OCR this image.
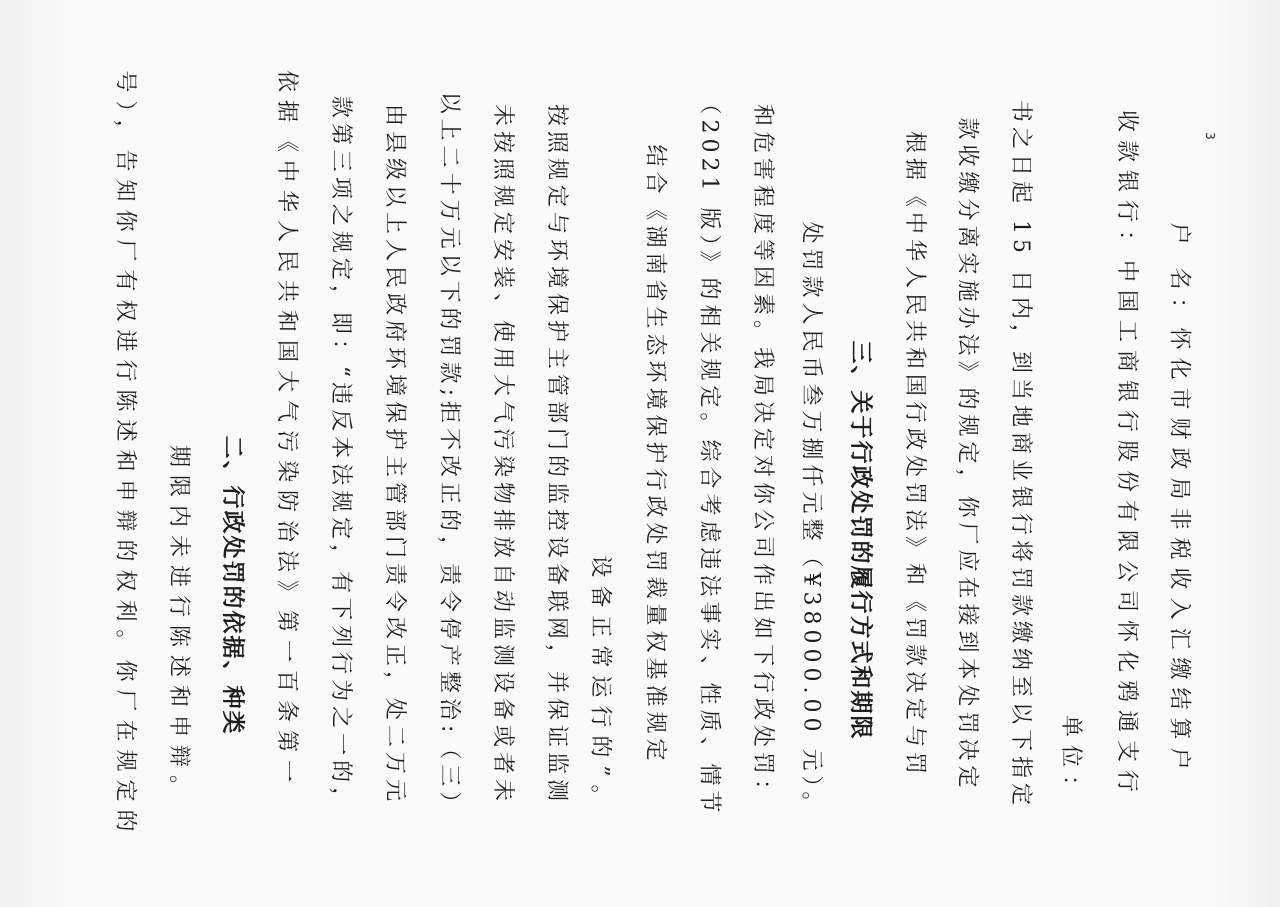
号），告知你厂有权进行陈述和申辩的权利。你厂在规定的 期限内未进行陈述和申辩。 二、行政处罚的依据、种类 依据《中华人民共和国大气污染防治法》第一百条第一 款第三项之规定，即：“违反本法规定，有下列行为之一的， 由县级以上人民政府环境保护主管部门责令改正，处二万元 以上二十万元以下的罚款;拒不改正的，责令停产整治:（三） 未按照规定安装、使用大气污染物排放自动监测设备或者未 按照规定与环境保护主管部门的监控设备联网，并保证监测 设备正常运行的”。 结合《湖南省生态环境保护行政处罚裁量权基准规定 （2021 版）》的相关规定。综合考虑违法事实、性质、情节 和危害程度等因素。我局决定对你公司作出如下行政处罚： 处罚款人民币叁万捌仟元整（¥38000.00 元）。 三、关于行政处罚的履行方式和期限 根据《中华人民共和国行政处罚法》和《罚款决定与罚 款收缴分离实施办法》的规定，你厂应在接到本处罚决定 书之日起 15 日内，到当地商业银行将罚款缴纳至以下指定 单位： 收款银行：中国工商银行股份有限公司怀化鸦通支行 户 名：怀化市财政局非税收入汇缴结算户
3
